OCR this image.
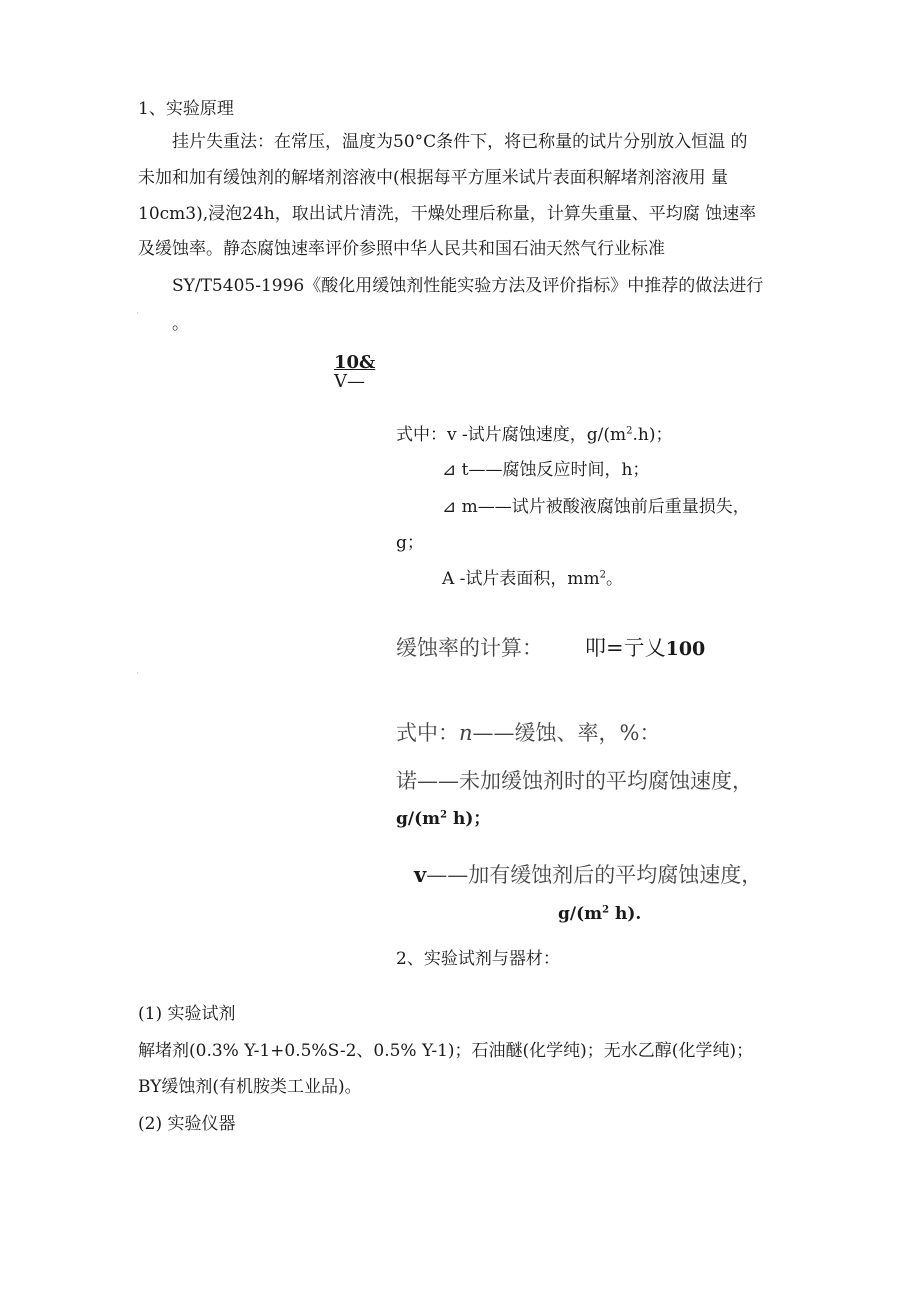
1、实验原理
挂片失重法：在常压，温度为50°C条件下，将已称量的试片分别放入恒温 的
未加和加有缓蚀剂的解堵剂溶液中(根据每平方厘米试片表面积解堵剂溶液用 量
10cm3),浸泡24h，取出试片清洗，干燥处理后称量，计算失重量、平均腐 蚀速率
及缓蚀率。静态腐蚀速率评价参照中华人民共和国石油天然气行业标准
SY/T5405-1996《酸化用缓蚀剂性能实验方法及评价指标》中推荐的做法进行
。
'
10&
V—
式中：v -试片腐蚀速度，$g/(m^2.h)$；
⊿ t——腐蚀反应时间，h；
⊿ m——试片被酸液腐蚀前后重量损失，
g；
A -试片表面积，$mm^2$。
缓蚀率的计算： 叩=亍乂100
'
式中：n——缓蚀、率，%：
诺——未加缓蚀剂时的平均腐蚀速度，
$g/(m^2$ h)；
v——加有缓蚀剂后的平均腐蚀速度，
$g/(m^2$ h).
2、实验试剂与器材：
(1) 实验试剂
解堵剂(0.3% Y-1+0.5%S-2、0.5% Y-1)；石油醚(化学纯)；无水乙醇(化学纯)；
BY缓蚀剂(有机胺类工业品)。
(2) 实验仪器
